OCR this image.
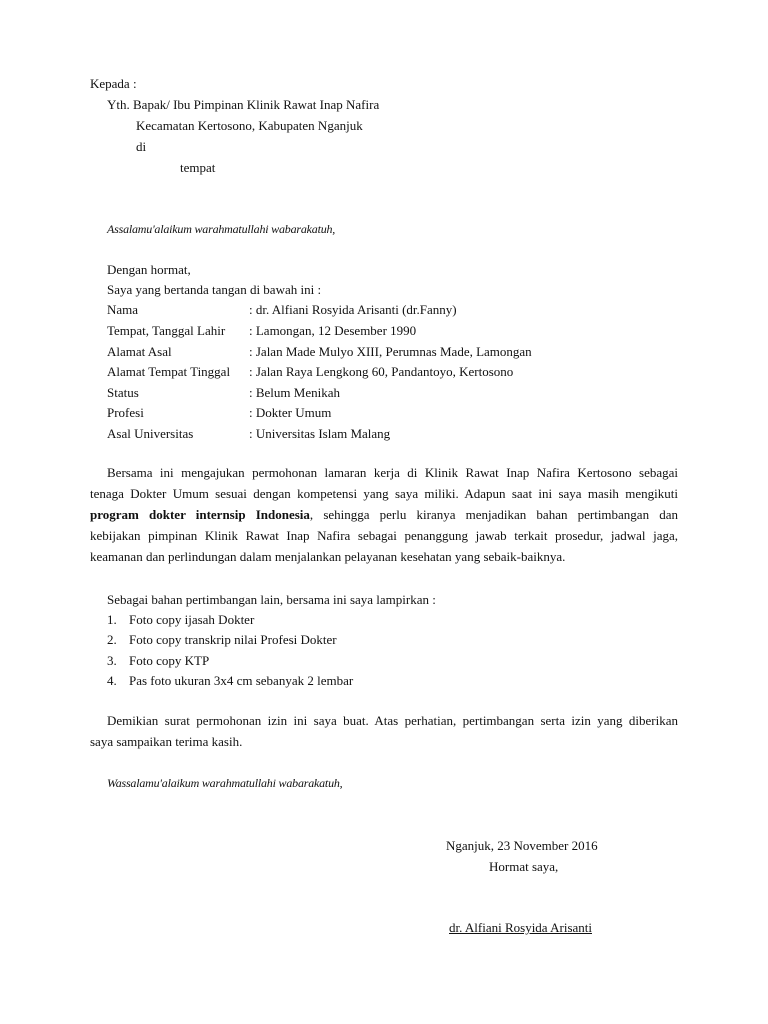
Kepada :
Yth. Bapak/ Ibu Pimpinan Klinik Rawat Inap Nafira
Kecamatan Kertosono, Kabupaten Nganjuk
di
tempat
Assalamu'alaikum warahmatullahi wabarakatuh,
Dengan hormat,
Saya yang bertanda tangan di bawah ini :
Nama	: dr. Alfiani Rosyida Arisanti (dr.Fanny)
Tempat, Tanggal Lahir : Lamongan, 12 Desember 1990
Alamat Asal	: Jalan Made Mulyo XIII, Perumnas Made, Lamongan
Alamat Tempat Tinggal : Jalan Raya Lengkong 60, Pandantoyo, Kertosono
Status	: Belum Menikah
Profesi	: Dokter Umum
Asal Universitas	: Universitas Islam Malang
Bersama ini mengajukan permohonan lamaran kerja di Klinik Rawat Inap Nafira Kertosono sebagai
tenaga Dokter Umum sesuai dengan kompetensi yang saya miliki. Adapun saat ini saya masih mengikuti
program dokter internsip Indonesia, sehingga perlu kiranya menjadikan bahan pertimbangan dan
kebijakan pimpinan Klinik Rawat Inap Nafira sebagai penanggung jawab terkait prosedur, jadwal jaga,
keamanan dan perlindungan dalam menjalankan pelayanan kesehatan yang sebaik-baiknya.
Sebagai bahan pertimbangan lain, bersama ini saya lampirkan :
1. Foto copy ijasah Dokter
2. Foto copy transkrip nilai Profesi Dokter
3. Foto copy KTP
4. Pas foto ukuran 3x4 cm sebanyak 2 lembar
Demikian surat permohonan izin ini saya buat. Atas perhatian, pertimbangan serta izin yang diberikan
saya sampaikan terima kasih.
Wassalamu'alaikum warahmatullahi wabarakatuh,
Nganjuk, 23 November 2016
Hormat saya,
dr. Alfiani Rosyida Arisanti
